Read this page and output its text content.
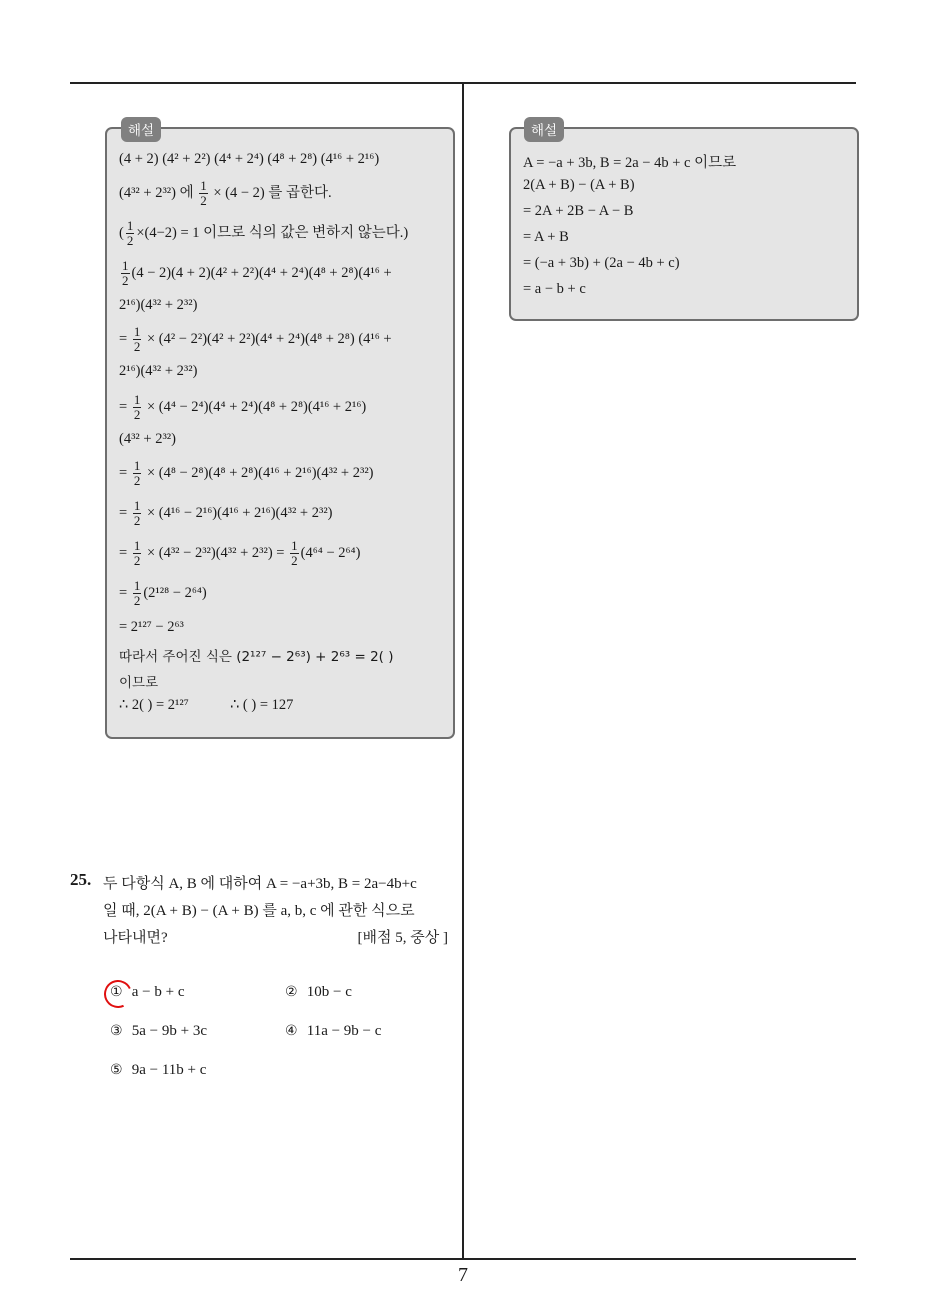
해설
(4 + 2) (4² + 2²) (4⁴ + 2⁴) (4⁸ + 2⁸) (4¹⁶ + 2¹⁶)
(4³² + 2³²) 에 $\frac{1}{2} \times (4 - 2)$ 를 곱한다.
( $\frac{1}{2} \times(4-2) = 1$ 이므로 식의 값은 변하지 않는다.)
$\frac{1}{2} (4 - 2)(4 + 2)(4^2 + 2^2)(4^4 + 2^4)(4^8 + 2^8)(4^{16}$ +
2¹⁶)(4³² + 2³²)
= $\frac{1}{2} \times (4^2 - 2^2)(4^2 + 2^2)(4^4 + 2^4)(4^8 + 2^8) (4^{16}$ +
2¹⁶)(4³² + 2³²)
= $\frac{1}{2} \times (4^4 - 2^4)(4^4 + 2^4)(4^8 + 2^8)(4^{16} + 2^{16})$
(4³² + 2³²)
= $\frac{1}{2} \times (4^8 - 2^8)(4^8 + 2^8)(4^{16} + 2^{16})(4^{32} + 2^{32})$
= $\frac{1}{2} \times (4^{16} - 2^{16})(4^{16} + 2^{16})(4^{32} + 2^{32})$
= $\frac{1}{2} \times (4^{32} - 2^{32})(4^{32} + 2^{32}) = \frac{1}{2} (4^{64} - 2^{64})$
= $\frac{1}{2} (2^{128} - 2^{64})$
= 2¹²⁷ − 2⁶³
따라서 주어진 식은 (2¹²⁷ − 2⁶³) + 2⁶³ = 2( )
이므로
∴ 2( ) = 2¹²⁷	∴ ( ) = 127
해설
A = −a + 3b, B = 2a − 4b + c 이므로
2(A + B) − (A + B)
= 2A + 2B − A − B
= A + B
= (−a + 3b) + (2a − 4b + c)
= a − b + c
25. 두 다항식 A, B 에 대하여 A = −a+3b, B = 2a−4b+c
일 때, 2(A + B) − (A + B) 를 a, b, c 에 관한 식으로
나타내면?	[배점 5, 중상 ]
① a − b + c	② 10b − c
③ 5a − 9b + 3c	④ 11a − 9b − c
⑤ 9a − 11b + c
7
